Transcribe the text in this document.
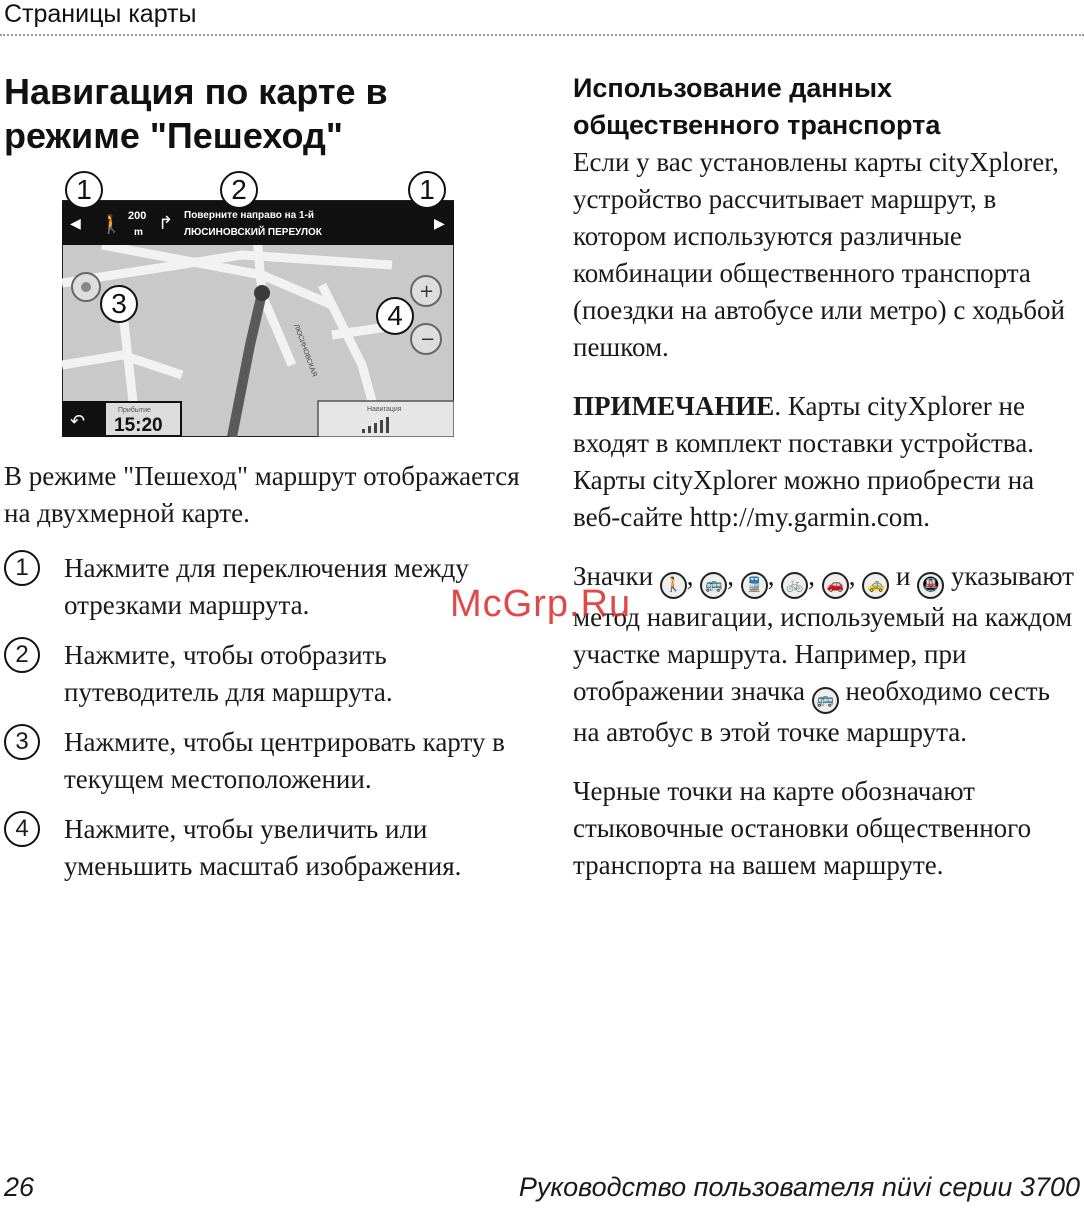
Страницы карты
Навигация по карте в режиме "Пешеход"
ЛЮСИНОВСКАЯ
◀	▶
🚶 200
m ↱ Поверните направо на 1-й
ЛЮСИНОВСКИЙ ПЕРЕУЛОК
+
−
↶
Прибытие
15:20
Навигация
1	2	1
3	4
В режиме "Пешеход" маршрут отображается на двухмерной карте.
1	Нажмите для переключения между отрезками маршрута.
2	Нажмите, чтобы отобразить путеводитель для маршрута.
3	Нажмите, чтобы центрировать карту в текущем местоположении.
4	Нажмите, чтобы увеличить или уменьшить масштаб изображения.
Использование данных общественного транспорта

Если у вас установлены карты cityXplorer, устройство рассчитывает маршрут, в котором используются различные комбинации общественного транспорта (поездки на автобусе или метро) с ходьбой пешком.

ПРИМЕЧАНИЕ. Карты cityXplorer не входят в комплект поставки устройства. Карты cityXplorer можно приобрести на веб-сайте http://my.garmin.com.

Значки 🚶 , 🚌 , 🚆 , 🚲 , 🚗 , 🚕 и 🚇 указывают метод навигации, используемый на каждом участке маршрута. Например, при отображении значка 🚌 необходимо сесть на автобус в этой точке маршрута.

Черные точки на карте обозначают стыковочные остановки общественного транспорта на вашем маршруте.

McGrp.Ru
26	Руководство пользователя nüvi серии 3700
